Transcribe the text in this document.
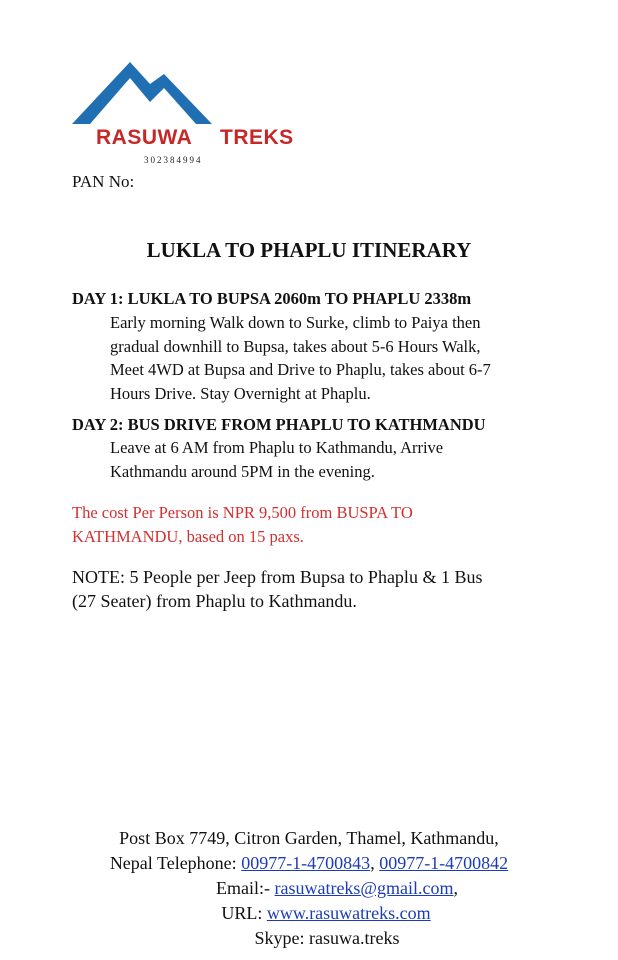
RASUWA TREKS
302384994
PAN No:
LUKLA TO PHAPLU ITINERARY
DAY 1: LUKLA TO BUPSA 2060m TO PHAPLU 2338m
Early morning Walk down to Surke, climb to Paiya then
gradual downhill to Bupsa, takes about 5-6 Hours Walk,
Meet 4WD at Bupsa and Drive to Phaplu, takes about 6-7
Hours Drive. Stay Overnight at Phaplu.
DAY 2: BUS DRIVE FROM PHAPLU TO KATHMANDU
Leave at 6 AM from Phaplu to Kathmandu, Arrive
Kathmandu around 5PM in the evening.
The cost Per Person is NPR 9,500 from BUSPA TO
KATHMANDU, based on 15 paxs.
NOTE: 5 People per Jeep from Bupsa to Phaplu & 1 Bus
(27 Seater) from Phaplu to Kathmandu.
Post Box 7749, Citron Garden, Thamel, Kathmandu,
Nepal Telephone: 00977-1-4700843, 00977-1-4700842
Email:- rasuwatreks@gmail.com,
URL: www.rasuwatreks.com
Skype: rasuwa.treks
